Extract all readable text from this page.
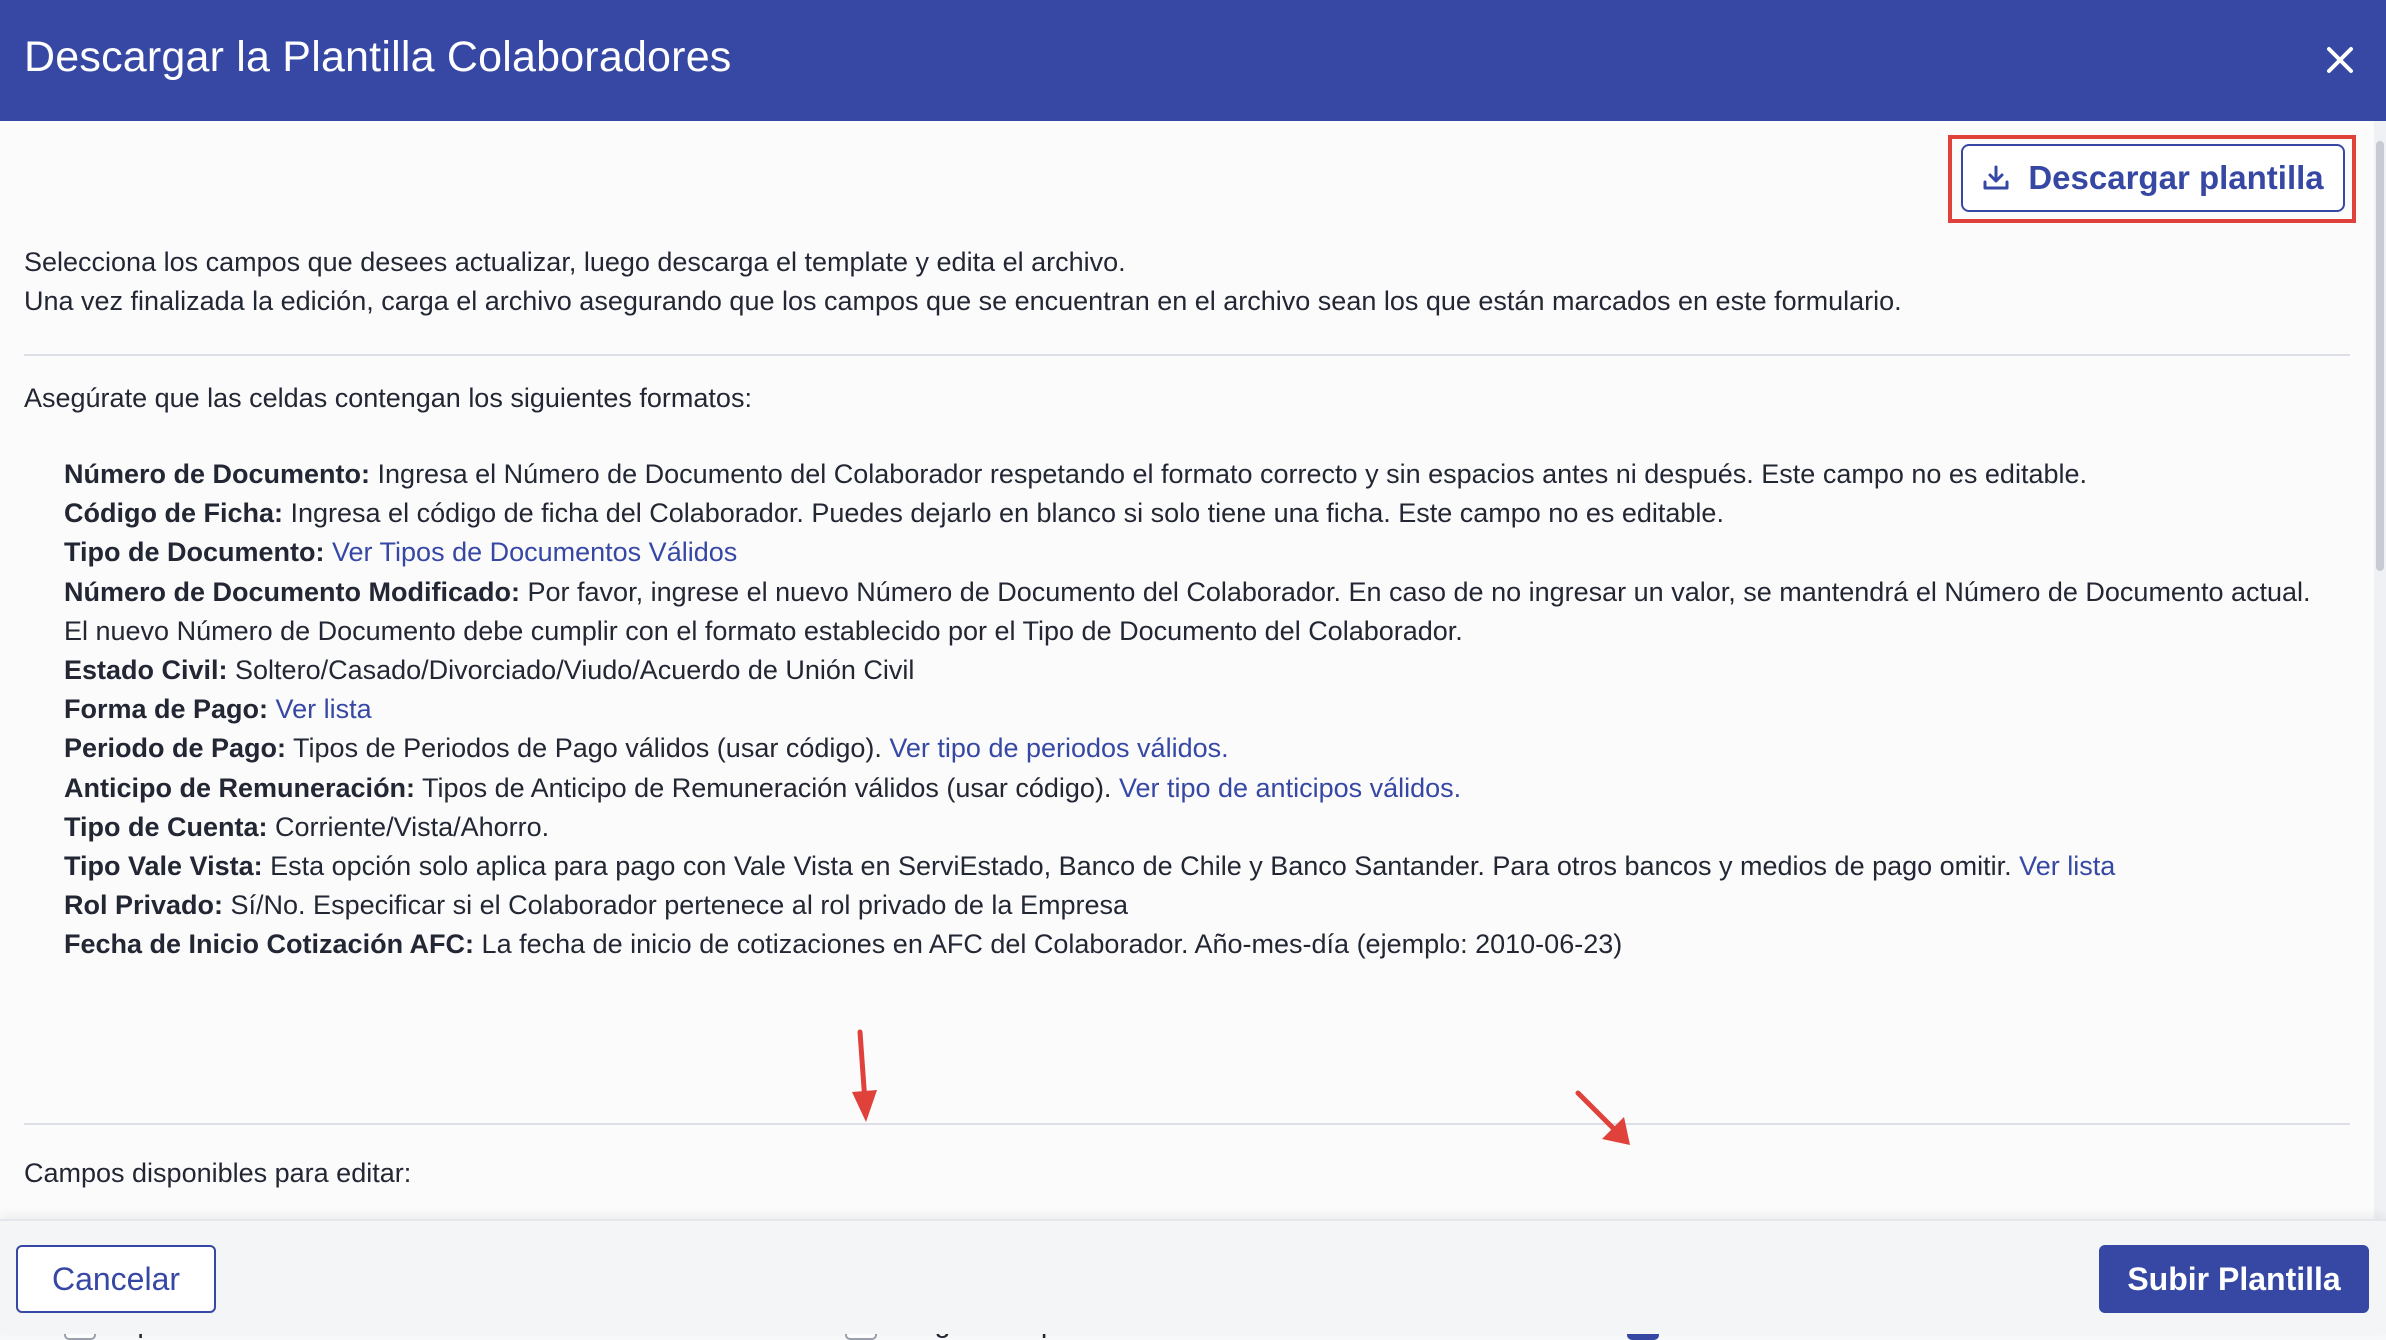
Descargar la Plantilla Colaboradores
Descargar plantilla
Selecciona los campos que desees actualizar, luego descarga el template y edita el archivo.
Una vez finalizada la edición, carga el archivo asegurando que los campos que se encuentran en el archivo sean los que están marcados en este formulario.
Asegúrate que las celdas contengan los siguientes formatos:
Número de Documento: Ingresa el Número de Documento del Colaborador respetando el formato correcto y sin espacios antes ni después. Este campo no es editable.
Código de Ficha: Ingresa el código de ficha del Colaborador. Puedes dejarlo en blanco si solo tiene una ficha. Este campo no es editable.
Tipo de Documento: Ver Tipos de Documentos Válidos
Número de Documento Modificado: Por favor, ingrese el nuevo Número de Documento del Colaborador. En caso de no ingresar un valor, se mantendrá el Número de Documento actual. El nuevo Número de Documento debe cumplir con el formato establecido por el Tipo de Documento del Colaborador.
Estado Civil: Soltero/Casado/Divorciado/Viudo/Acuerdo de Unión Civil
Forma de Pago: Ver lista
Periodo de Pago: Tipos de Periodos de Pago válidos (usar código). Ver tipo de periodos válidos.
Anticipo de Remuneración: Tipos de Anticipo de Remuneración válidos (usar código). Ver tipo de anticipos válidos.
Tipo de Cuenta: Corriente/Vista/Ahorro.
Tipo Vale Vista: Esta opción solo aplica para pago con Vale Vista en ServiEstado, Banco de Chile y Banco Santander. Para otros bancos y medios de pago omitir. Ver lista
Rol Privado: Sí/No. Especificar si el Colaborador pertenece al rol privado de la Empresa
Fecha de Inicio Cotización AFC: La fecha de inicio de cotizaciones en AFC del Colaborador. Año-mes-día (ejemplo: 2010-06-23)
Campos disponibles para editar:
Cancelar	Subir Plantilla
